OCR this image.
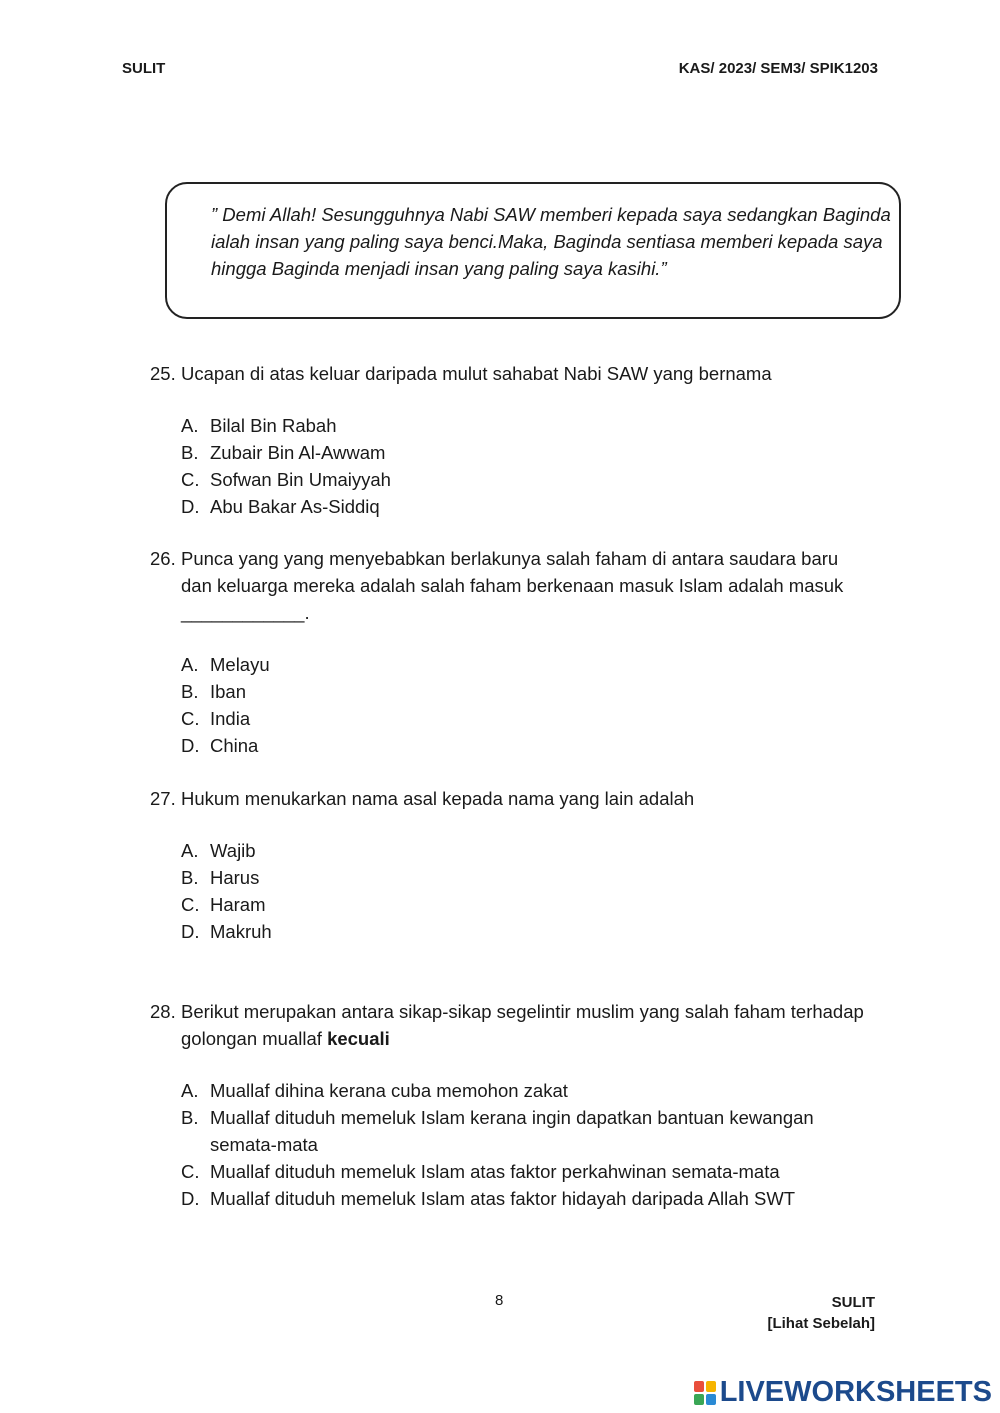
SULIT	KAS/ 2023/ SEM3/ SPIK1203

” Demi Allah! Sesungguhnya Nabi SAW memberi kepada saya sedangkan Baginda ialah insan yang paling saya benci.Maka, Baginda sentiasa memberi kepada saya hingga Baginda menjadi insan yang paling saya kasihi.”

25. Ucapan di atas keluar daripada mulut sahabat Nabi SAW yang bernama
A. Bilal Bin Rabah
B. Zubair Bin Al-Awwam
C. Sofwan Bin Umaiyyah
D. Abu Bakar As-Siddiq
26. Punca yang yang menyebabkan berlakunya salah faham di antara saudara baru dan keluarga mereka adalah salah faham berkenaan masuk Islam adalah masuk ____________.
A. Melayu
B. Iban
C. India
D. China
27. Hukum menukarkan nama asal kepada nama yang lain adalah
A. Wajib
B. Harus
C. Haram
D. Makruh
28. Berikut merupakan antara sikap-sikap segelintir muslim yang salah faham terhadap golongan muallaf kecuali
A. Muallaf dihina kerana cuba memohon zakat
B. Muallaf dituduh memeluk Islam kerana ingin dapatkan bantuan kewangan semata-mata
C. Muallaf dituduh memeluk Islam atas faktor perkahwinan semata-mata
D. Muallaf dituduh memeluk Islam atas faktor hidayah daripada Allah SWT
8	SULIT
[Lihat Sebelah]
LIVEWORKSHEETS
